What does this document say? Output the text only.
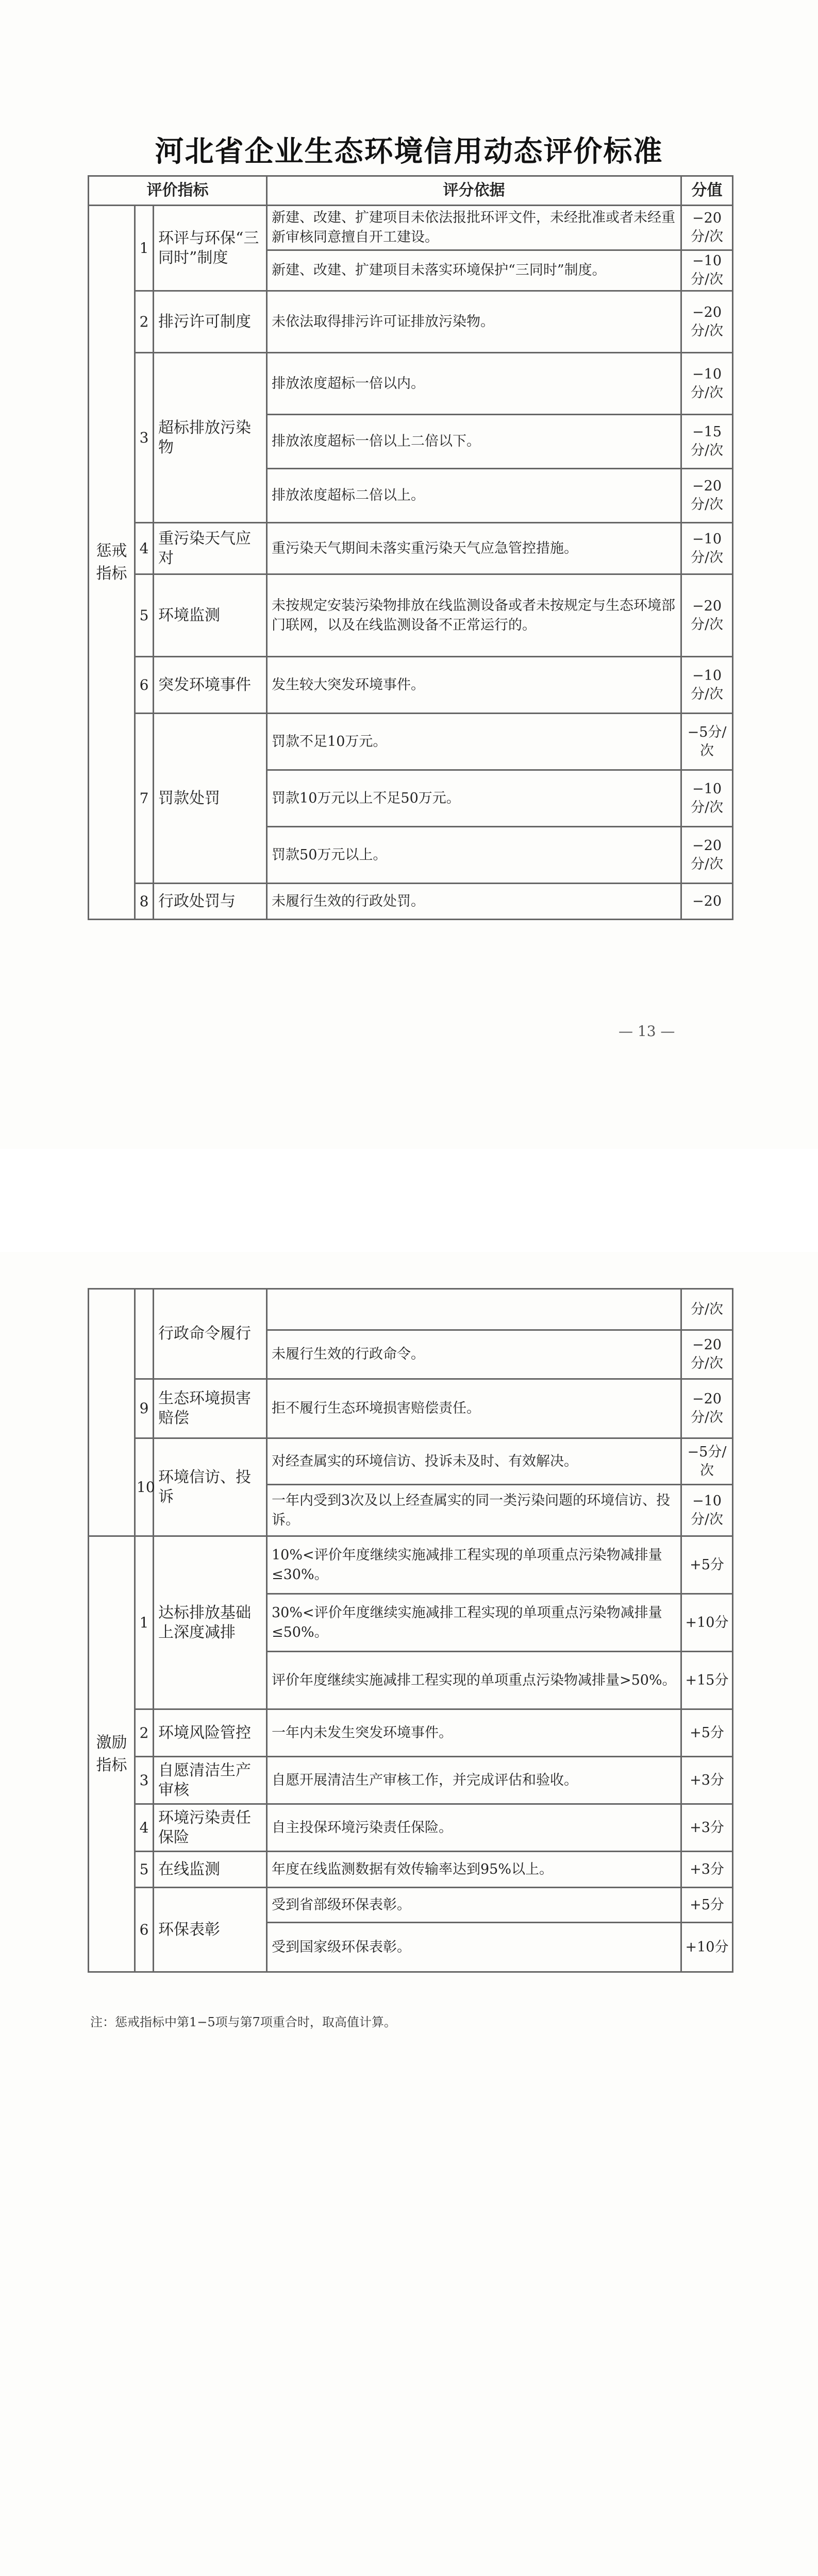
河北省企业生态环境信用动态评价标准
评价指标			评分依据	分值
惩戒指标	1	环评与环保“三同时”制度	新建、改建、扩建项目未依法报批环评文件，未经批准或者未经重新审核同意擅自开工建设。	−20分/次
			新建、改建、扩建项目未落实环境保护“三同时”制度。	−10分/次
	2	排污许可制度	未依法取得排污许可证排放污染物。	−20分/次
	3	超标排放污染物	排放浓度超标一倍以内。	−10分/次
			排放浓度超标一倍以上二倍以下。	−15分/次
			排放浓度超标二倍以上。	−20分/次
	4	重污染天气应对	重污染天气期间未落实重污染天气应急管控措施。	−10分/次
	5	环境监测	未按规定安装污染物排放在线监测设备或者未按规定与生态环境部门联网，以及在线监测设备不正常运行的。	−20分/次
	6	突发环境事件	发生较大突发环境事件。	−10分/次
	7	罚款处罚	罚款不足10万元。	−5分/次
			罚款10万元以上不足50万元。	−10分/次
			罚款50万元以上。	−20分/次
	8	行政处罚与	未履行生效的行政处罚。	−20
— 13 —
		行政命令履行		分/次
			未履行生效的行政命令。	−20分/次
	9	生态环境损害赔偿	拒不履行生态环境损害赔偿责任。	−20分/次
	10	环境信访、投诉	对经查属实的环境信访、投诉未及时、有效解决。	−5分/次
			一年内受到3次及以上经查属实的同一类污染问题的环境信访、投诉。	−10分/次

激励指标	1	达标排放基础上深度减排	10%<评价年度继续实施减排工程实现的单项重点污染物减排量≤30%。	+5分
			30%<评价年度继续实施减排工程实现的单项重点污染物减排量≤50%。	+10分
			评价年度继续实施减排工程实现的单项重点污染物减排量>50%。	+15分
	2	环境风险管控	一年内未发生突发环境事件。	+5分
	3	自愿清洁生产审核	自愿开展清洁生产审核工作，并完成评估和验收。	+3分
	4	环境污染责任保险	自主投保环境污染责任保险。	+3分
	5	在线监测	年度在线监测数据有效传输率达到95%以上。	+3分
	6	环保表彰	受到省部级环保表彰。	+5分
			受到国家级环保表彰。	+10分
注：惩戒指标中第1−5项与第7项重合时，取高值计算。
